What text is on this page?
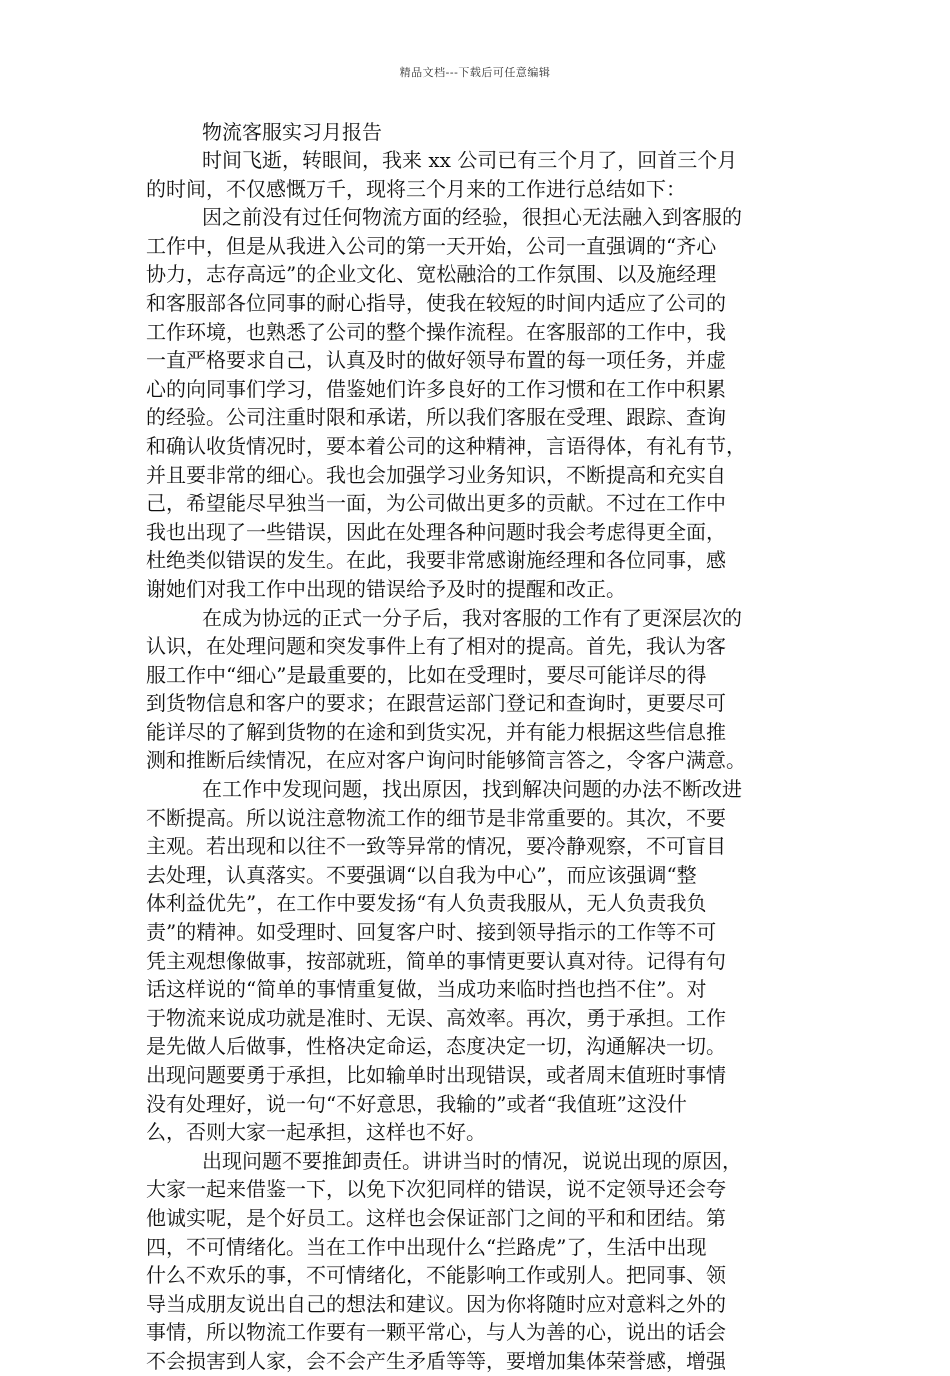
精品文档---下载后可任意编辑

物流客服实习月报告

时间飞逝，转眼间，我来 xx 公司已有三个月了，回首三个月

的时间，不仅感慨万千，现将三个月来的工作进行总结如下：

因之前没有过任何物流方面的经验，很担心无法融入到客服的

工作中，但是从我进入公司的第一天开始，公司一直强调的“齐心

协力，志存高远”的企业文化、宽松融洽的工作氛围、以及施经理

和客服部各位同事的耐心指导，使我在较短的时间内适应了公司的

工作环境，也熟悉了公司的整个操作流程。在客服部的工作中，我

一直严格要求自己，认真及时的做好领导布置的每一项任务，并虚

心的向同事们学习，借鉴她们许多良好的工作习惯和在工作中积累

的经验。公司注重时限和承诺，所以我们客服在受理、跟踪、查询

和确认收货情况时，要本着公司的这种精神，言语得体，有礼有节，

并且要非常的细心。我也会加强学习业务知识，不断提高和充实自

己，希望能尽早独当一面，为公司做出更多的贡献。不过在工作中

我也出现了一些错误，因此在处理各种问题时我会考虑得更全面，

杜绝类似错误的发生。在此，我要非常感谢施经理和各位同事，感

谢她们对我工作中出现的错误给予及时的提醒和改正。

在成为协远的正式一分子后，我对客服的工作有了更深层次的

认识，在处理问题和突发事件上有了相对的提高。首先，我认为客

服工作中“细心”是最重要的，比如在受理时，要尽可能详尽的得

到货物信息和客户的要求；在跟营运部门登记和查询时，更要尽可

能详尽的了解到货物的在途和到货实况，并有能力根据这些信息推

测和推断后续情况，在应对客户询问时能够简言答之，令客户满意。

在工作中发现问题，找出原因，找到解决问题的办法不断改进

不断提高。所以说注意物流工作的细节是非常重要的。其次，不要

主观。若出现和以往不一致等异常的情况，要冷静观察，不可盲目

去处理，认真落实。不要强调“以自我为中心”，而应该强调“整

体利益优先”，在工作中要发扬“有人负责我服从，无人负责我负

责”的精神。如受理时、回复客户时、接到领导指示的工作等不可

凭主观想像做事，按部就班，简单的事情更要认真对待。记得有句

话这样说的“简单的事情重复做，当成功来临时挡也挡不住”。对

于物流来说成功就是准时、无误、高效率。再次，勇于承担。工作

是先做人后做事，性格决定命运，态度决定一切，沟通解决一切。

出现问题要勇于承担，比如输单时出现错误，或者周末值班时事情

没有处理好，说一句“不好意思，我输的”或者“我值班”这没什

么，否则大家一起承担，这样也不好。

出现问题不要推卸责任。讲讲当时的情况，说说出现的原因，

大家一起来借鉴一下，以免下次犯同样的错误，说不定领导还会夸

他诚实呢，是个好员工。这样也会保证部门之间的平和和团结。第

四，不可情绪化。当在工作中出现什么“拦路虎”了，生活中出现

什么不欢乐的事，不可情绪化，不能影响工作或别人。把同事、领

导当成朋友说出自己的想法和建议。因为你将随时应对意料之外的

事情，所以物流工作要有一颗平常心，与人为善的心，说出的话会

不会损害到人家，会不会产生矛盾等等，要增加集体荣誉感，增强
